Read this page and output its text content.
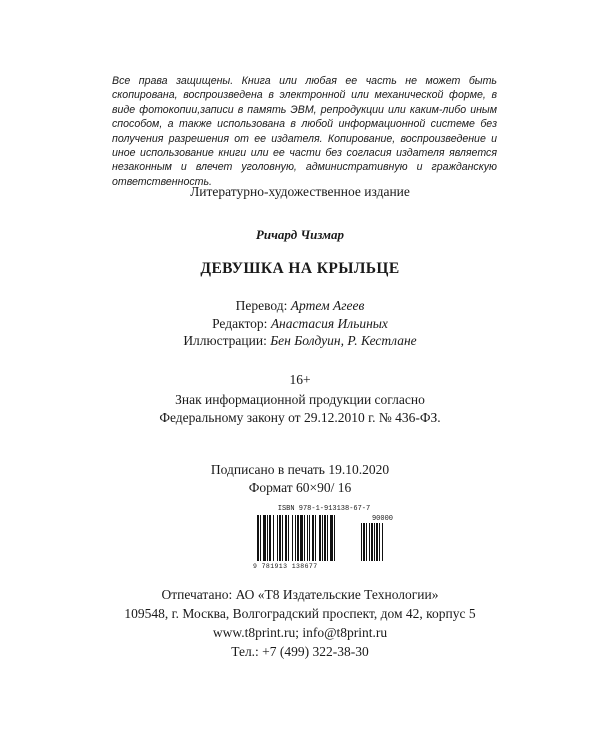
Все права защищены. Книга или любая ее часть не может быть скопирована, воспроизведена в электронной или механической форме, в виде фотокопии,записи в память ЭВМ, репродукции или каким-либо иным способом, а также использована в любой информационной системе без получения разрешения от ее издателя. Копирование, воспроизведение и иное использование книги или ее части без согласия издателя является незаконным и влечет уголовную, административную и гражданскую ответственность.
Литературно-художественное издание
Ричард Чизмар
ДЕВУШКА НА КРЫЛЬЦЕ
Перевод: Артем Агеев
Редактор: Анастасия Ильиных
Иллюстрации: Бен Болдуин, Р. Кестлане
16+
Знак информационной продукции согласно
Федеральному закону от 29.12.2010 г. № 436-ФЗ.
Подписано в печать 19.10.2020
Формат 60×90/ 16
ISBN 978-1-913138-67-7
90000
9 781913 138677
Отпечатано: АО «Т8 Издательские Технологии»
109548, г. Москва, Волгоградский проспект, дом 42, корпус 5
www.t8print.ru; info@t8print.ru
Тел.: +7 (499) 322-38-30
